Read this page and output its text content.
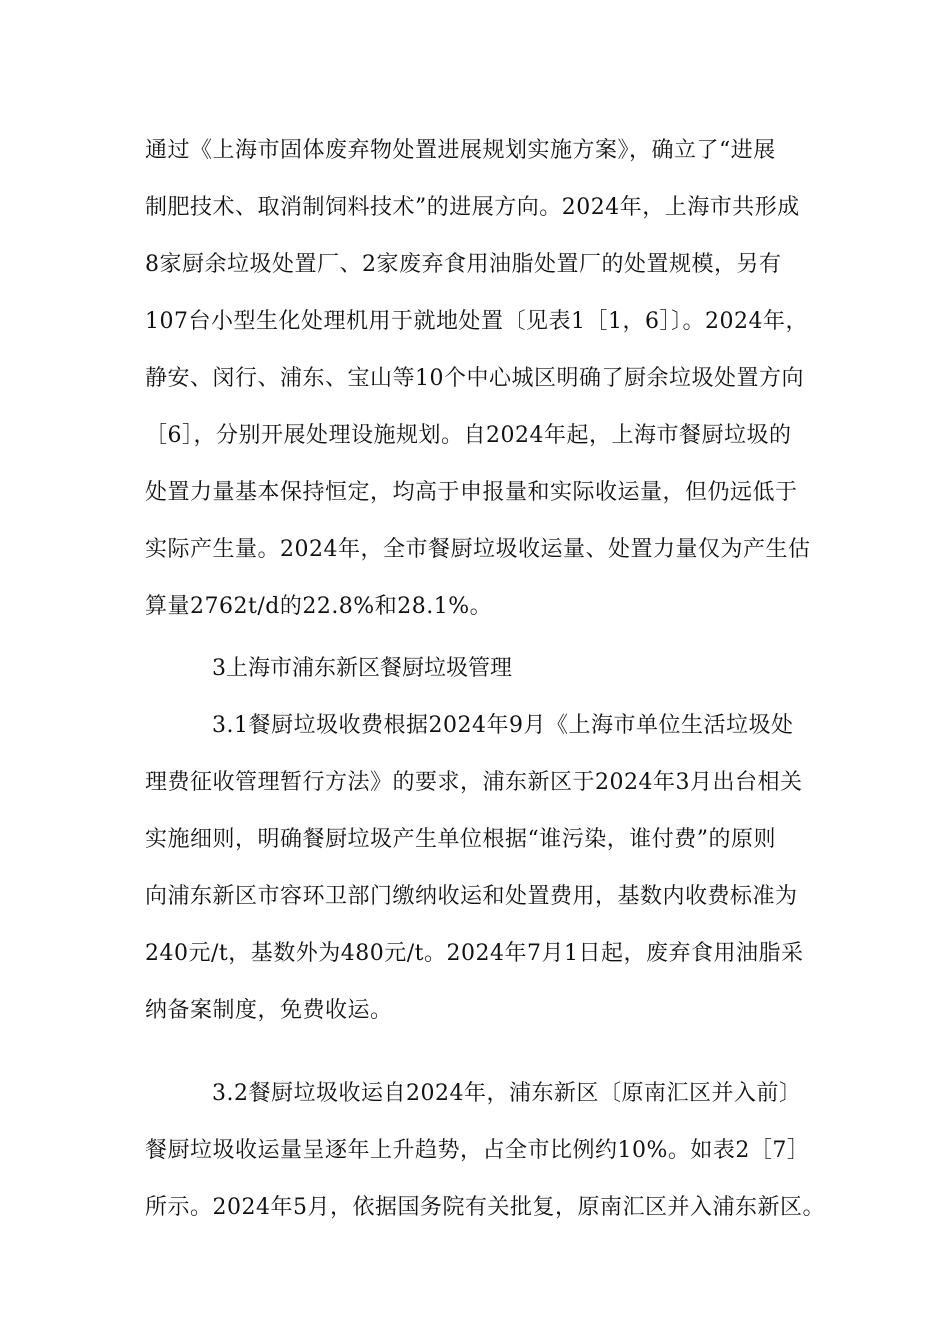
通过《上海市固体废弃物处置进展规划实施方案》，确立了“进展
制肥技术、取消制饲料技术”的进展方向。2024年，上海市共形成
8家厨余垃圾处置厂、2家废弃食用油脂处置厂的处置规模，另有
107台小型生化处理机用于就地处置〔见表1［1，6］〕。2024年，
静安、闵行、浦东、宝山等10个中心城区明确了厨余垃圾处置方向
［6］，分别开展处理设施规划。自2024年起，上海市餐厨垃圾的
处置力量基本保持恒定，均高于申报量和实际收运量，但仍远低于
实际产生量。2024年，全市餐厨垃圾收运量、处置力量仅为产生估
算量2762t/d的22.8%和28.1%。
3上海市浦东新区餐厨垃圾管理
3.1餐厨垃圾收费根据2024年9月《上海市单位生活垃圾处
理费征收管理暂行方法》的要求，浦东新区于2024年3月出台相关
实施细则，明确餐厨垃圾产生单位根据“谁污染，谁付费”的原则
向浦东新区市容环卫部门缴纳收运和处置费用，基数内收费标准为
240元/t，基数外为480元/t。2024年7月1日起，废弃食用油脂采
纳备案制度，免费收运。
3.2餐厨垃圾收运自2024年，浦东新区〔原南汇区并入前〕
餐厨垃圾收运量呈逐年上升趋势，占全市比例约10%。如表2［7］
所示。2024年5月，依据国务院有关批复，原南汇区并入浦东新区。
